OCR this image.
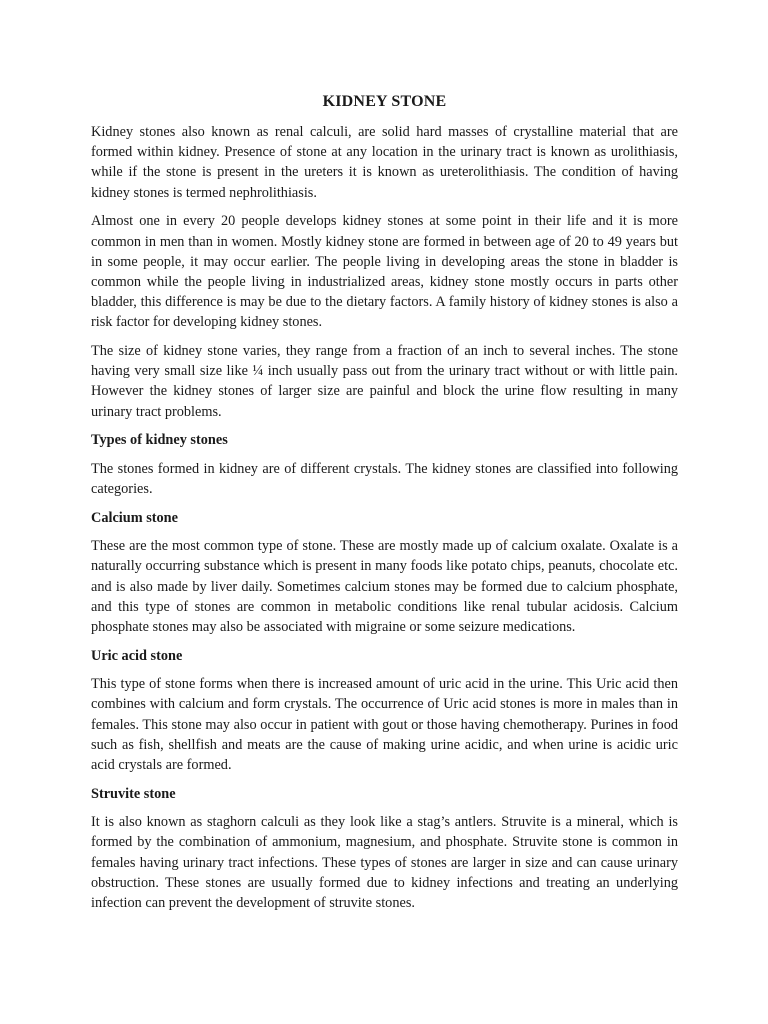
KIDNEY STONE

Kidney stones also known as renal calculi, are solid hard masses of crystalline material that are formed within kidney. Presence of stone at any location in the urinary tract is known as urolithiasis, while if the stone is present in the ureters it is known as ureterolithiasis. The condition of having kidney stones is termed nephrolithiasis.

Almost one in every 20 people develops kidney stones at some point in their life and it is more common in men than in women. Mostly kidney stone are formed in between age of 20 to 49 years but in some people, it may occur earlier. The people living in developing areas the stone in bladder is common while the people living in industrialized areas, kidney stone mostly occurs in parts other bladder, this difference is may be due to the dietary factors. A family history of kidney stones is also a risk factor for developing kidney stones.

The size of kidney stone varies, they range from a fraction of an inch to several inches. The stone having very small size like ¼ inch usually pass out from the urinary tract without or with little pain. However the kidney stones of larger size are painful and block the urine flow resulting in many urinary tract problems.

Types of kidney stones

The stones formed in kidney are of different crystals. The kidney stones are classified into following categories.

Calcium stone

These are the most common type of stone. These are mostly made up of calcium oxalate. Oxalate is a naturally occurring substance which is present in many foods like potato chips, peanuts, chocolate etc. and is also made by liver daily. Sometimes calcium stones may be formed due to calcium phosphate, and this type of stones are common in metabolic conditions like renal tubular acidosis. Calcium phosphate stones may also be associated with migraine or some seizure medications.

Uric acid stone

This type of stone forms when there is increased amount of uric acid in the urine. This Uric acid then combines with calcium and form crystals. The occurrence of Uric acid stones is more in males than in females. This stone may also occur in patient with gout or those having chemotherapy. Purines in food such as fish, shellfish and meats are the cause of making urine acidic, and when urine is acidic uric acid crystals are formed.

Struvite stone

It is also known as staghorn calculi as they look like a stag’s antlers. Struvite is a mineral, which is formed by the combination of ammonium, magnesium, and phosphate. Struvite stone is common in females having urinary tract infections. These types of stones are larger in size and can cause urinary obstruction. These stones are usually formed due to kidney infections and treating an underlying infection can prevent the development of struvite stones.
